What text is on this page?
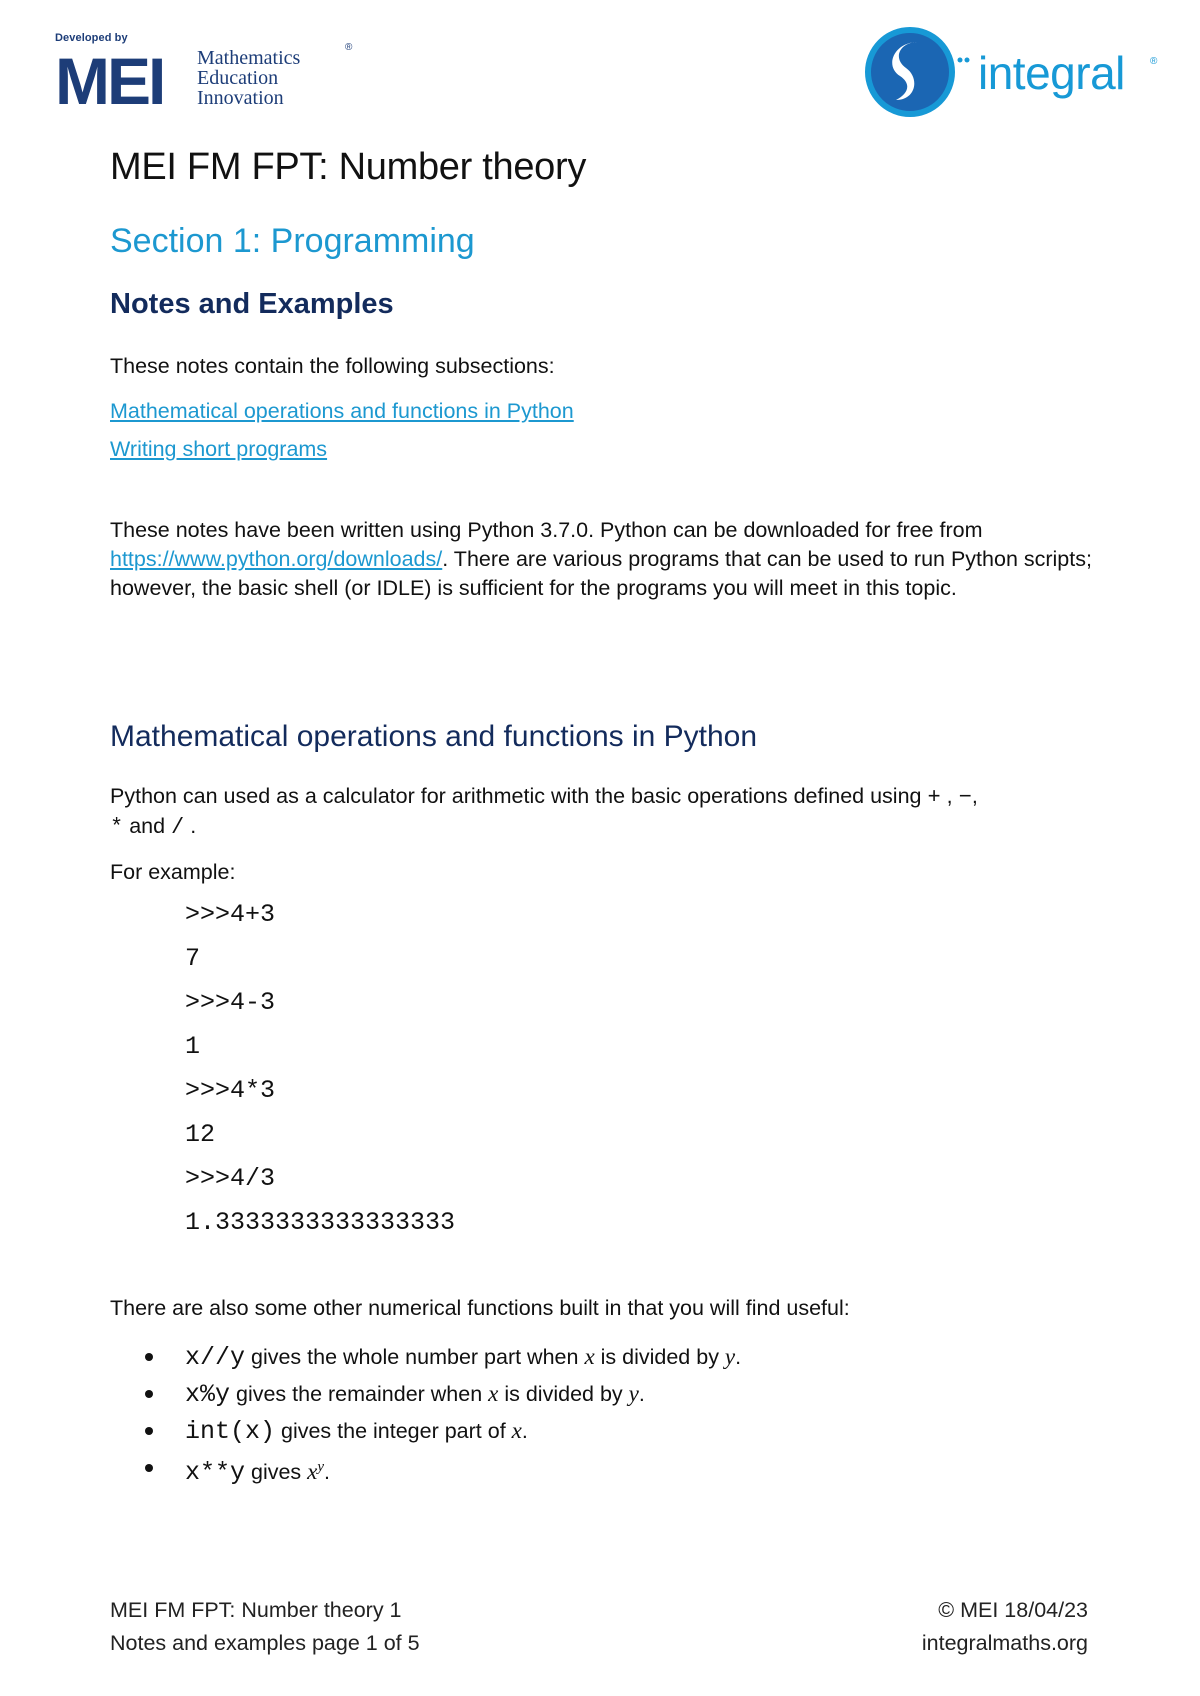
Developed by
MEI Mathematics
Education
Innovation
®	integral	®
MEI FM FPT: Number theory
Section 1: Programming
Notes and Examples
These notes contain the following subsections:
Mathematical operations and functions in Python
Writing short programs

These notes have been written using Python 3.7.0. Python can be downloaded for free from https://www.python.org/downloads/. There are various programs that can be used to run Python scripts; however, the basic shell (or IDLE) is sufficient for the programs you will meet in this topic.

Mathematical operations and functions in Python

Python can used as a calculator for arithmetic with the basic operations defined using + , −,
* and / .

For example:
>>>4+3
7
>>>4-3
1
>>>4*3
12
>>>4/3
1.3333333333333333
There are also some other numerical functions built in that you will find useful:
x//y gives the whole number part when x is divided by y.
x%y gives the remainder when x is divided by y.
int(x) gives the integer part of x.
x**y gives $x^y$.
MEI FM FPT: Number theory 1
Notes and examples page 1 of 5
© MEI 18/04/23
integralmaths.org
